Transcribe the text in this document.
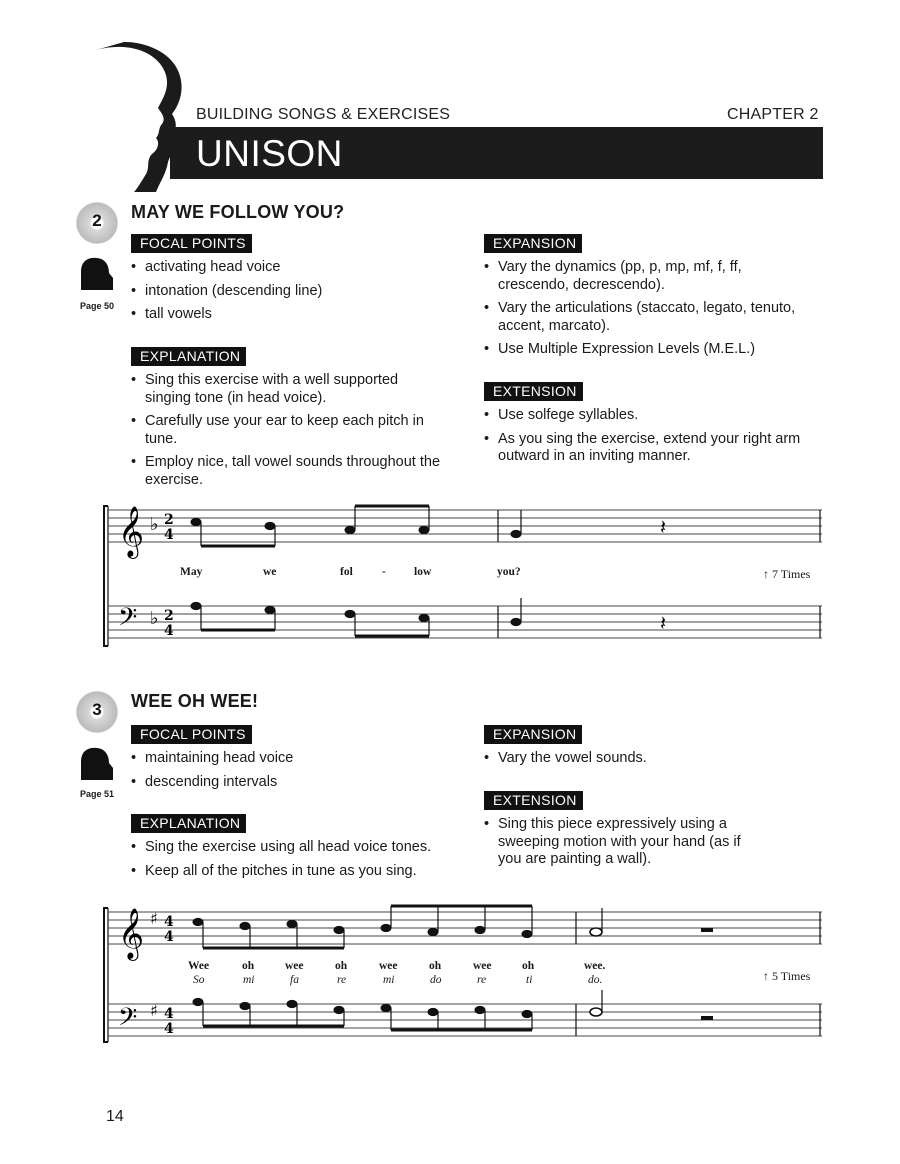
BUILDING SONGS & EXERCISES	CHAPTER 2
UNISON
2
Page 50
MAY WE FOLLOW YOU?
FOCAL POINTS
• activating head voice
• intonation (descending line)
• tall vowels
EXPLANATION
• Sing this exercise with a well supported singing tone (in head voice).
• Carefully use your ear to keep each pitch in tune.
• Employ nice, tall vowel sounds throughout the exercise.
EXPANSION
• Vary the dynamics (pp, p, mp, mf, f, ff, crescendo, decrescendo).
• Vary the articulations (staccato, legato, tenuto, accent, marcato).
• Use Multiple Expression Levels (M.E.L.)
EXTENSION
• Use solfege syllables.
• As you sing the exercise, extend your right arm outward in an inviting manner.
𝄞 ♭ 2
4	𝄽
𝄢 ♭ 2
4	𝄽
May	we	fol	- low	you?	↑ 7 Times
3
Page 51
WEE OH WEE!
FOCAL POINTS
• maintaining head voice
• descending intervals
EXPLANATION
• Sing the exercise using all head voice tones.
• Keep all of the pitches in tune as you sing.
EXPANSION
• Vary the vowel sounds.
EXTENSION
• Sing this piece expressively using a sweeping motion with your hand (as if you are painting a wall).
𝄞 ♯ 4
4
𝄢 ♯ 4
4
Wee	oh	wee	oh	wee	oh	wee	oh	wee.
So	mi	fa	re	mi	do	re	ti	do.	↑ 5 Times
14
